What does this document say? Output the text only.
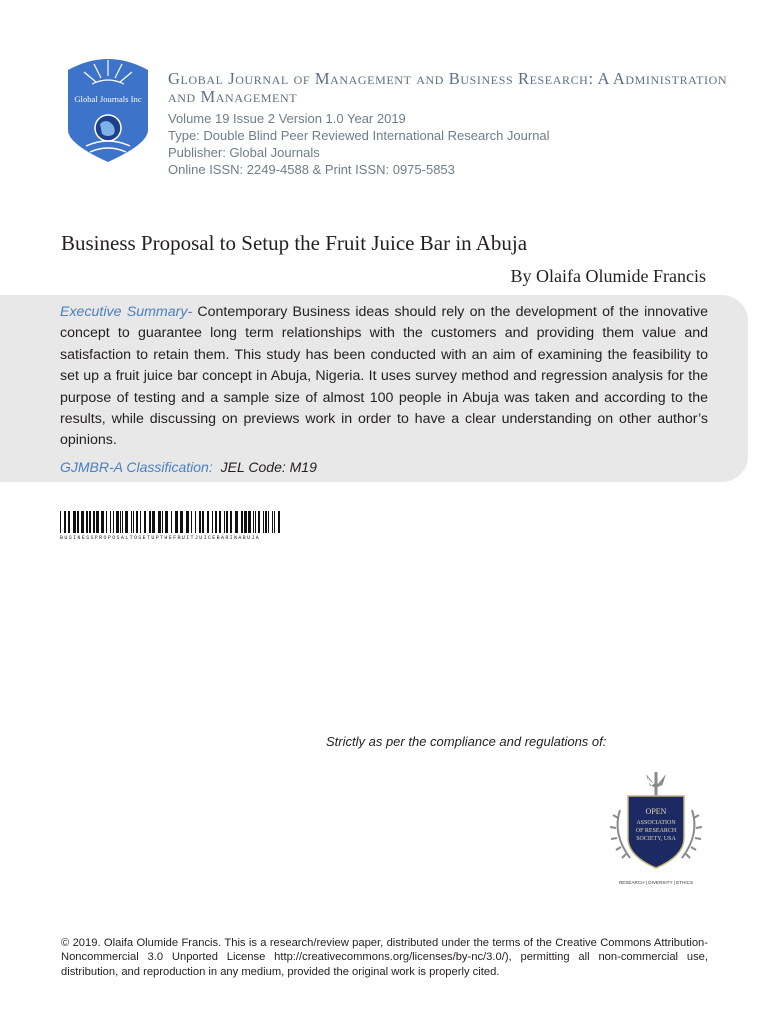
Global Journals Inc
Global Journal of Management and Business Research: A Administration and Management
Volume 19 Issue 2 Version 1.0 Year 2019
Type: Double Blind Peer Reviewed International Research Journal
Publisher: Global Journals
Online ISSN: 2249-4588 & Print ISSN: 0975-5853
Business Proposal to Setup the Fruit Juice Bar in Abuja
By Olaifa Olumide Francis
Executive Summary- Contemporary Business ideas should rely on the development of the innovative concept to guarantee long term relationships with the customers and providing them value and satisfaction to retain them. This study has been conducted with an aim of examining the feasibility to set up a fruit juice bar concept in Abuja, Nigeria. It uses survey method and regression analysis for the purpose of testing and a sample size of almost 100 people in Abuja was taken and according to the results, while discussing on previews work in order to have a clear understanding on other author’s opinions.
GJMBR-A Classification: JEL Code: M19
BUSINESSPROPOSALTOSETUPTHEFRUITJUICEBARINABUJA
Strictly as per the compliance and regulations of:
OPEN
ASSOCIATION
OF RESEARCH
SOCIETY, USA
RESEARCH | DIVERSITY | ETHICS
© 2019. Olaifa Olumide Francis. This is a research/review paper, distributed under the terms of the Creative Commons Attribution-Noncommercial 3.0 Unported License http://creativecommons.org/licenses/by-nc/3.0/), permitting all non-commercial use, distribution, and reproduction in any medium, provided the original work is properly cited.
